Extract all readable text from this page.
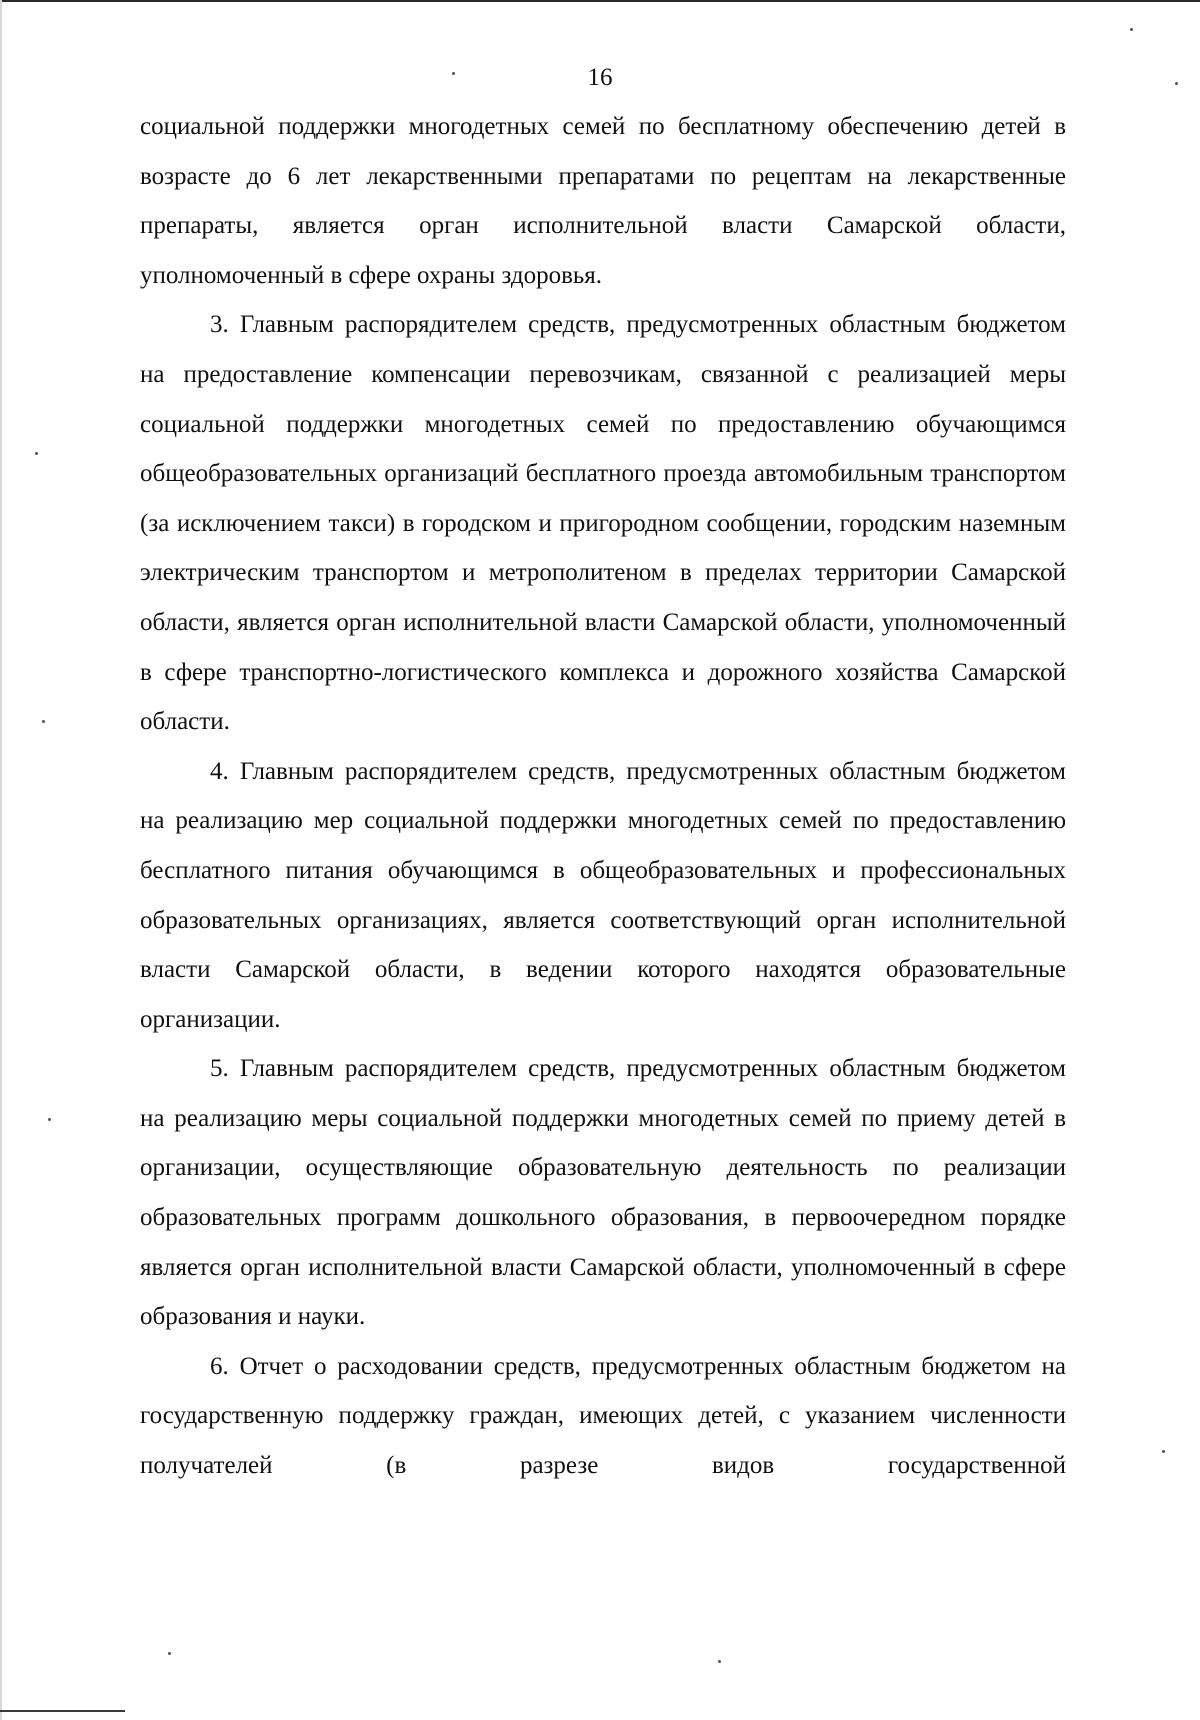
16

социальной поддержки многодетных семей по бесплатному обеспечению детей в возрасте до 6 лет лекарственными препаратами по рецептам на лекарственные препараты, является орган исполнительной власти Самарской области, уполномоченный в сфере охраны здоровья.

3. Главным распорядителем средств, предусмотренных областным бюджетом на предоставление компенсации перевозчикам, связанной с реализацией меры социальной поддержки многодетных семей по предоставлению обучающимся общеобразовательных организаций бесплатного проезда автомобильным транспортом (за исключением такси) в городском и пригородном сообщении, городским наземным электрическим транспортом и метрополитеном в пределах территории Самарской области, является орган исполнительной власти Самарской области, уполномоченный в сфере транспортно-логистического комплекса и дорожного хозяйства Самарской области.

4. Главным распорядителем средств, предусмотренных областным бюджетом на реализацию мер социальной поддержки многодетных семей по предоставлению бесплатного питания обучающимся в общеобразовательных и профессиональных образовательных организациях, является соответствующий орган исполнительной власти Самарской области, в ведении которого находятся образовательные организации.

5. Главным распорядителем средств, предусмотренных областным бюджетом на реализацию меры социальной поддержки многодетных семей по приему детей в организации, осуществляющие образовательную деятельность по реализации образовательных программ дошкольного образования, в первоочередном порядке является орган исполнительной власти Самарской области, уполномоченный в сфере образования и науки.

6. Отчет о расходовании средств, предусмотренных областным бюджетом на государственную поддержку граждан, имеющих детей, с указанием численности получателей (в разрезе видов государственной
